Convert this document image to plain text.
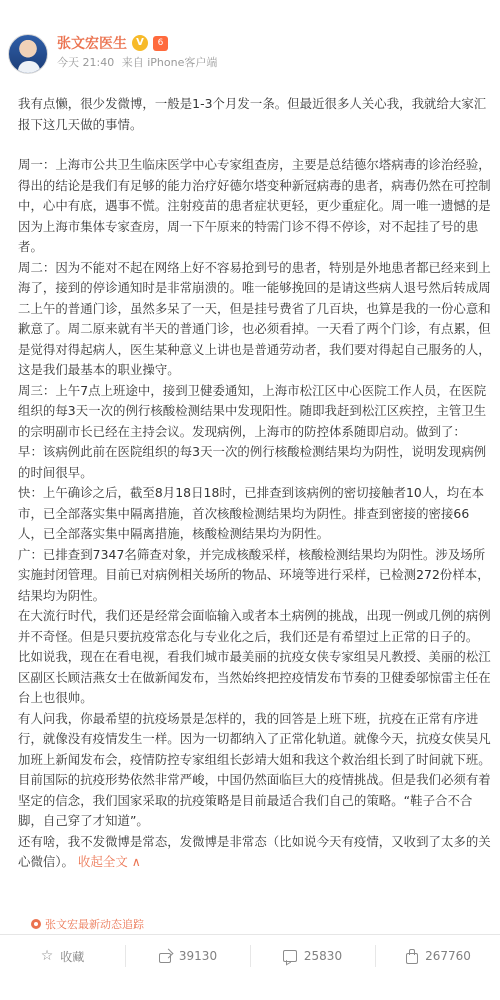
张文宏医生 V	6
今天 21:40 来自 iPhone客户端
我有点懒，很少发微博，一般是1-3个月发一条。但最近很多人关心我，我就给大家汇报下这几天做的事情。
周一：上海市公共卫生临床医学中心专家组查房，主要是总结德尔塔病毒的诊治经验，得出的结论是我们有足够的能力治疗好德尔塔变种新冠病毒的患者，病毒仍然在可控制中，心中有底，遇事不慌。注射疫苗的患者症状更轻，更少重症化。周一唯一遗憾的是因为上海市集体专家查房，周一下午原来的特需门诊不得不停诊，对不起挂了号的患者。
周二：因为不能对不起在网络上好不容易抢到号的患者，特别是外地患者都已经来到上海了，接到的停诊通知时是非常崩溃的。唯一能够挽回的是请这些病人退号然后转成周二上午的普通门诊，虽然多呆了一天，但是挂号费省了几百块，也算是我的一份心意和歉意了。周二原来就有半天的普通门诊，也必须看掉。一天看了两个门诊，有点累，但是觉得对得起病人，医生某种意义上讲也是普通劳动者，我们要对得起自己服务的人，这是我们最基本的职业操守。
周三：上午7点上班途中，接到卫健委通知，上海市松江区中心医院工作人员，在医院组织的每3天一次的例行核酸检测结果中发现阳性。随即我赶到松江区疾控，主管卫生的宗明副市长已经在主持会议。发现病例，上海市的防控体系随即启动。做到了：
早：该病例此前在医院组织的每3天一次的例行核酸检测结果均为阴性，说明发现病例的时间很早。
快：上午确诊之后，截至8月18日18时，已排查到该病例的密切接触者10人，均在本市，已全部落实集中隔离措施，首次核酸检测结果均为阴性。排查到密接的密接66人，已全部落实集中隔离措施，核酸检测结果均为阴性。
广：已排查到7347名筛查对象，并完成核酸采样，核酸检测结果均为阴性。涉及场所实施封闭管理。目前已对病例相关场所的物品、环境等进行采样，已检测272份样本，结果均为阴性。
在大流行时代，我们还是经常会面临输入或者本土病例的挑战，出现一例或几例的病例并不奇怪。但是只要抗疫常态化与专业化之后，我们还是有希望过上正常的日子的。
比如说我，现在在看电视，看我们城市最美丽的抗疫女侠专家组吴凡教授、美丽的松江区副区长顾洁燕女士在做新闻发布，当然始终把控疫情发布节奏的卫健委邬惊雷主任在台上也很帅。
有人问我，你最希望的抗疫场景是怎样的，我的回答是上班下班，抗疫在正常有序进行，就像没有疫情发生一样。因为一切都纳入了正常化轨道。就像今天，抗疫女侠吴凡加班上新闻发布会，疫情防控专家组组长彭靖大姐和我这个救治组长到了时间就下班。
目前国际的抗疫形势依然非常严峻，中国仍然面临巨大的疫情挑战。但是我们必须有着坚定的信念，我们国家采取的抗疫策略是目前最适合我们自己的策略。“鞋子合不合脚，自己穿了才知道”。
还有啥，我不发微博是常态，发微博是非常态（比如说今天有疫情，又收到了太多的关心微信）。 收起全文 ∧
张文宏最新动态追踪
☆ 收藏	39130	25830	267760
